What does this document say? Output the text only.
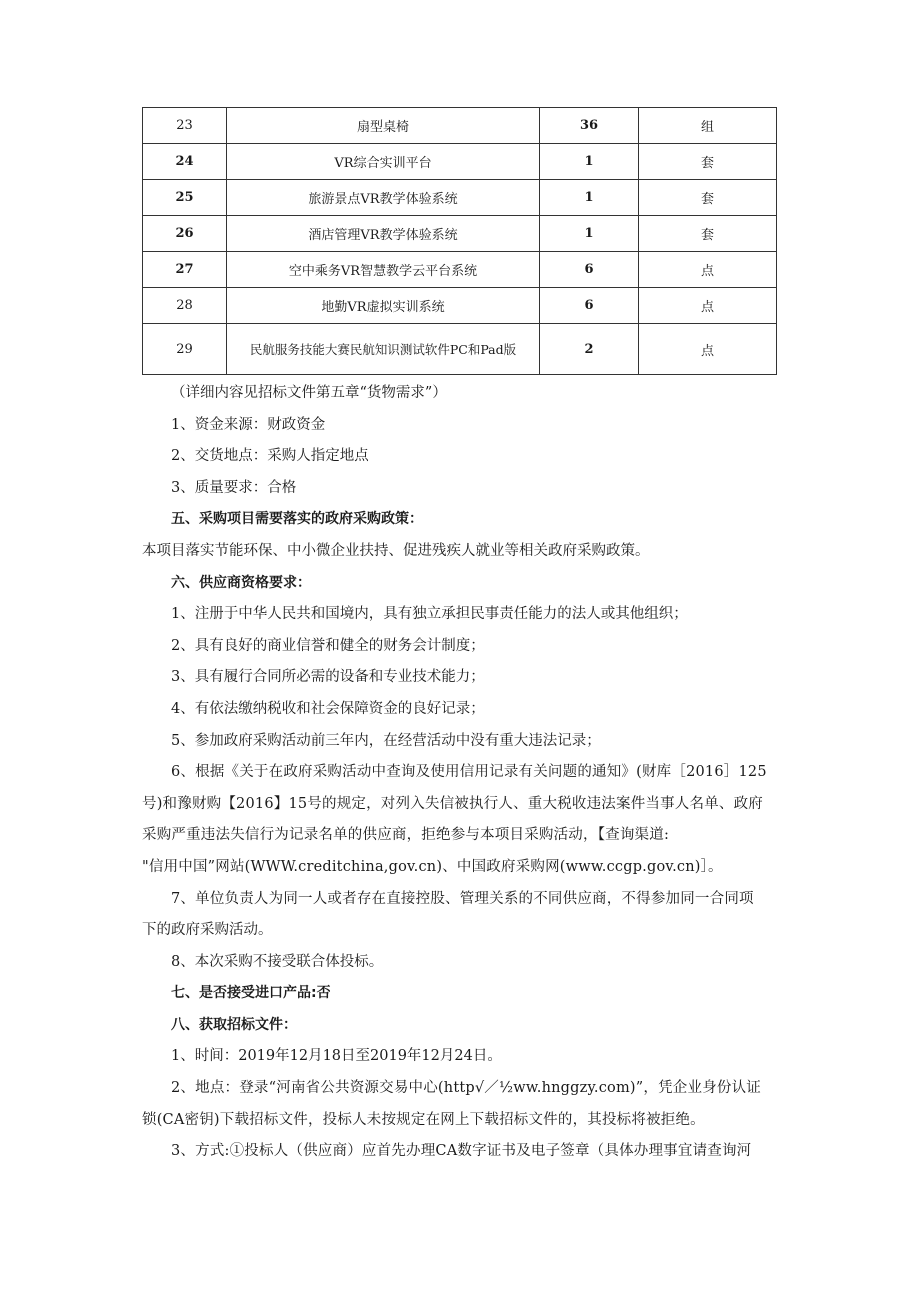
23	扇型桌椅	36	组
24	VR综合实训平台	1	套
25	旅游景点VR教学体验系统	1	套
26	酒店管理VR教学体验系统	1	套
27	空中乘务VR智慧教学云平台系统	6	点
28	地勤VR虚拟实训系统	6	点
29	民航服务技能大赛民航知识测试软件PC和Pad版	2	点

（详细内容见招标文件第五章“货物需求”）

1、资金来源：财政资金

2、交货地点：采购人指定地点

3、质量要求：合格

五、采购项目需要落实的政府采购政策：

本项目落实节能环保、中小微企业扶持、促进残疾人就业等相关政府采购政策。

六、供应商资格要求：

1、注册于中华人民共和国境内，具有独立承担民事责任能力的法人或其他组织；

2、具有良好的商业信誉和健全的财务会计制度；

3、具有履行合同所必需的设备和专业技术能力；

4、有依法缴纳税收和社会保障资金的良好记录；

5、参加政府采购活动前三年内，在经营活动中没有重大违法记录；

6、根据《关于在政府采购活动中查询及使用信用记录有关问题的通知》(财库［2016］125

号)和豫财购【2016】15号的规定，对列入失信被执行人、重大税收违法案件当事人名单、政府

采购严重违法失信行为记录名单的供应商，拒绝参与本项目采购活动，【查询渠道:

"信用中国”网站(WWW.creditchina,gov.cn)、中国政府采购网(www.ccgp.gov.cn)］。

7、单位负责人为同一人或者存在直接控股、管理关系的不同供应商，不得参加同一合同项

下的政府采购活动。

8、本次采购不接受联合体投标。

七、是否接受进口产品:否

八、获取招标文件：

1、时间：2019年12月18日至2019年12月24日。

2、地点：登录“河南省公共资源交易中心(http√／½ww.hnggzy.com)”，凭企业身份认证

锁(CA密钥)下载招标文件，投标人未按规定在网上下载招标文件的，其投标将被拒绝。

3、方式:①投标人（供应商）应首先办理CA数字证书及电子签章（具体办理事宜请查询河
